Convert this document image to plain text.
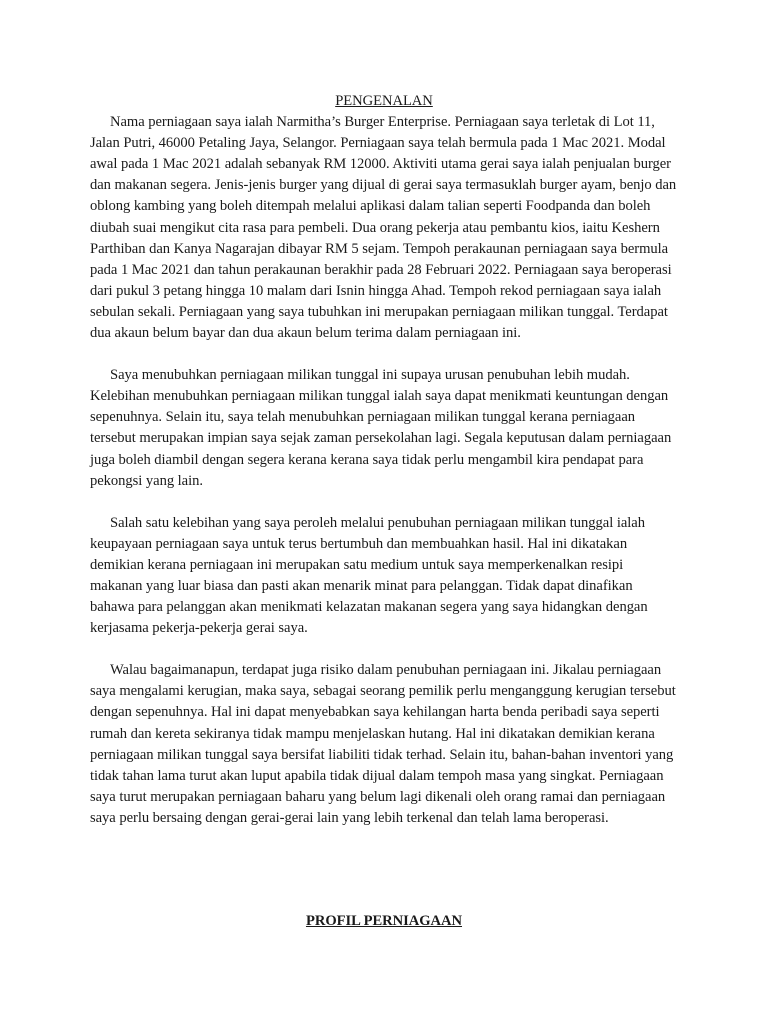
PENGENALAN

Nama perniagaan saya ialah Narmitha’s Burger Enterprise. Perniagaan saya terletak di Lot 11, Jalan Putri, 46000 Petaling Jaya, Selangor. Perniagaan saya telah bermula pada 1 Mac 2021. Modal awal pada 1 Mac 2021 adalah sebanyak RM 12000. Aktiviti utama gerai saya ialah penjualan burger dan makanan segera. Jenis-jenis burger yang dijual di gerai saya termasuklah burger ayam, benjo dan oblong kambing yang boleh ditempah melalui aplikasi dalam talian seperti Foodpanda dan boleh diubah suai mengikut cita rasa para pembeli. Dua orang pekerja atau pembantu kios, iaitu Keshern Parthiban dan Kanya Nagarajan dibayar RM 5 sejam. Tempoh perakaunan perniagaan saya bermula pada 1 Mac 2021 dan tahun perakaunan berakhir pada 28 Februari 2022. Perniagaan saya beroperasi dari pukul 3 petang hingga 10 malam dari Isnin hingga Ahad. Tempoh rekod perniagaan saya ialah sebulan sekali. Perniagaan yang saya tubuhkan ini merupakan perniagaan milikan tunggal. Terdapat dua akaun belum bayar dan dua akaun belum terima dalam perniagaan ini.

Saya menubuhkan perniagaan milikan tunggal ini supaya urusan penubuhan lebih mudah. Kelebihan menubuhkan perniagaan milikan tunggal ialah saya dapat menikmati keuntungan dengan sepenuhnya. Selain itu, saya telah menubuhkan perniagaan milikan tunggal kerana perniagaan tersebut merupakan impian saya sejak zaman persekolahan lagi. Segala keputusan dalam perniagaan juga boleh diambil dengan segera kerana kerana saya tidak perlu mengambil kira pendapat para pekongsi yang lain.

Salah satu kelebihan yang saya peroleh melalui penubuhan perniagaan milikan tunggal ialah keupayaan perniagaan saya untuk terus bertumbuh dan membuahkan hasil. Hal ini dikatakan demikian kerana perniagaan ini merupakan satu medium untuk saya memperkenalkan resipi makanan yang luar biasa dan pasti akan menarik minat para pelanggan. Tidak dapat dinafikan bahawa para pelanggan akan menikmati kelazatan makanan segera yang saya hidangkan dengan kerjasama pekerja-pekerja gerai saya.

Walau bagaimanapun, terdapat juga risiko dalam penubuhan perniagaan ini. Jikalau perniagaan saya mengalami kerugian, maka saya, sebagai seorang pemilik perlu menganggung kerugian tersebut dengan sepenuhnya. Hal ini dapat menyebabkan saya kehilangan harta benda peribadi saya seperti rumah dan kereta sekiranya tidak mampu menjelaskan hutang. Hal ini dikatakan demikian kerana perniagaan milikan tunggal saya bersifat liabiliti tidak terhad. Selain itu, bahan-bahan inventori yang tidak tahan lama turut akan luput apabila tidak dijual dalam tempoh masa yang singkat. Perniagaan saya turut merupakan perniagaan baharu yang belum lagi dikenali oleh orang ramai dan perniagaan saya perlu bersaing dengan gerai-gerai lain yang lebih terkenal dan telah lama beroperasi.

PROFIL PERNIAGAAN
